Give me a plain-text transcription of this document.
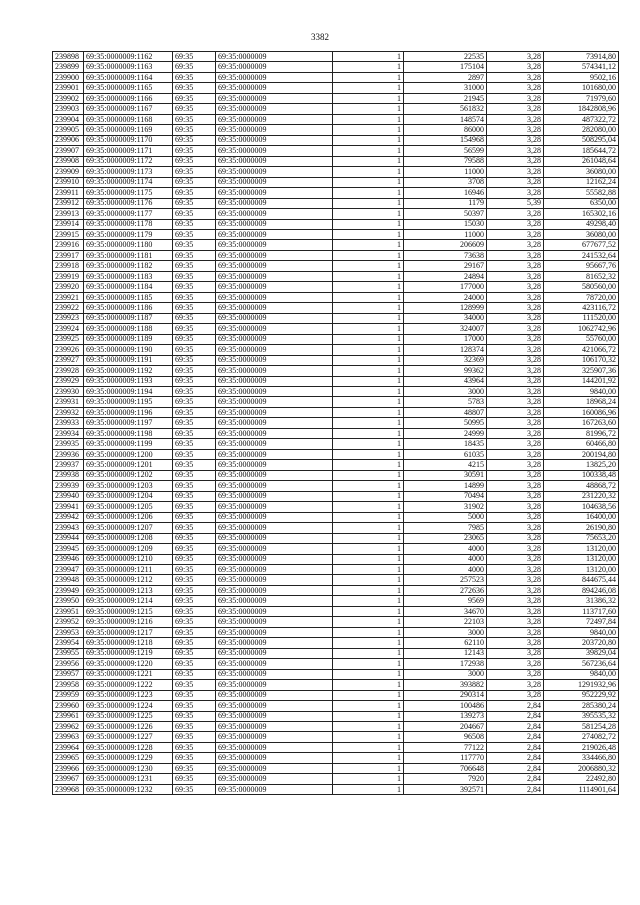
3382
239898	69:35:0000009:1162	69:35	69:35:0000009	1	22535	3,28	73914,80
239899	69:35:0000009:1163	69:35	69:35:0000009	1	175104	3,28	574341,12
239900	69:35:0000009:1164	69:35	69:35:0000009	1	2897	3,28	9502,16
239901	69:35:0000009:1165	69:35	69:35:0000009	1	31000	3,28	101680,00
239902	69:35:0000009:1166	69:35	69:35:0000009	1	21945	3,28	71979,60
239903	69:35:0000009:1167	69:35	69:35:0000009	1	561832	3,28	1842808,96
239904	69:35:0000009:1168	69:35	69:35:0000009	1	148574	3,28	487322,72
239905	69:35:0000009:1169	69:35	69:35:0000009	1	86000	3,28	282080,00
239906	69:35:0000009:1170	69:35	69:35:0000009	1	154968	3,28	508295,04
239907	69:35:0000009:1171	69:35	69:35:0000009	1	56599	3,28	185644,72
239908	69:35:0000009:1172	69:35	69:35:0000009	1	79588	3,28	261048,64
239909	69:35:0000009:1173	69:35	69:35:0000009	1	11000	3,28	36080,00
239910	69:35:0000009:1174	69:35	69:35:0000009	1	3708	3,28	12162,24
239911	69:35:0000009:1175	69:35	69:35:0000009	1	16946	3,28	55582,88
239912	69:35:0000009:1176	69:35	69:35:0000009	1	1179	5,39	6350,00
239913	69:35:0000009:1177	69:35	69:35:0000009	1	50397	3,28	165302,16
239914	69:35:0000009:1178	69:35	69:35:0000009	1	15030	3,28	49298,40
239915	69:35:0000009:1179	69:35	69:35:0000009	1	11000	3,28	36080,00
239916	69:35:0000009:1180	69:35	69:35:0000009	1	206609	3,28	677677,52
239917	69:35:0000009:1181	69:35	69:35:0000009	1	73638	3,28	241532,64
239918	69:35:0000009:1182	69:35	69:35:0000009	1	29167	3,28	95667,76
239919	69:35:0000009:1183	69:35	69:35:0000009	1	24894	3,28	81652,32
239920	69:35:0000009:1184	69:35	69:35:0000009	1	177000	3,28	580560,00
239921	69:35:0000009:1185	69:35	69:35:0000009	1	24000	3,28	78720,00
239922	69:35:0000009:1186	69:35	69:35:0000009	1	128999	3,28	423116,72
239923	69:35:0000009:1187	69:35	69:35:0000009	1	34000	3,28	111520,00
239924	69:35:0000009:1188	69:35	69:35:0000009	1	324007	3,28	1062742,96
239925	69:35:0000009:1189	69:35	69:35:0000009	1	17000	3,28	55760,00
239926	69:35:0000009:1190	69:35	69:35:0000009	1	128374	3,28	421066,72
239927	69:35:0000009:1191	69:35	69:35:0000009	1	32369	3,28	106170,32
239928	69:35:0000009:1192	69:35	69:35:0000009	1	99362	3,28	325907,36
239929	69:35:0000009:1193	69:35	69:35:0000009	1	43964	3,28	144201,92
239930	69:35:0000009:1194	69:35	69:35:0000009	1	3000	3,28	9840,00
239931	69:35:0000009:1195	69:35	69:35:0000009	1	5783	3,28	18968,24
239932	69:35:0000009:1196	69:35	69:35:0000009	1	48807	3,28	160086,96
239933	69:35:0000009:1197	69:35	69:35:0000009	1	50995	3,28	167263,60
239934	69:35:0000009:1198	69:35	69:35:0000009	1	24999	3,28	81996,72
239935	69:35:0000009:1199	69:35	69:35:0000009	1	18435	3,28	60466,80
239936	69:35:0000009:1200	69:35	69:35:0000009	1	61035	3,28	200194,80
239937	69:35:0000009:1201	69:35	69:35:0000009	1	4215	3,28	13825,20
239938	69:35:0000009:1202	69:35	69:35:0000009	1	30591	3,28	100338,48
239939	69:35:0000009:1203	69:35	69:35:0000009	1	14899	3,28	48868,72
239940	69:35:0000009:1204	69:35	69:35:0000009	1	70494	3,28	231220,32
239941	69:35:0000009:1205	69:35	69:35:0000009	1	31902	3,28	104638,56
239942	69:35:0000009:1206	69:35	69:35:0000009	1	5000	3,28	16400,00
239943	69:35:0000009:1207	69:35	69:35:0000009	1	7985	3,28	26190,80
239944	69:35:0000009:1208	69:35	69:35:0000009	1	23065	3,28	75653,20
239945	69:35:0000009:1209	69:35	69:35:0000009	1	4000	3,28	13120,00
239946	69:35:0000009:1210	69:35	69:35:0000009	1	4000	3,28	13120,00
239947	69:35:0000009:1211	69:35	69:35:0000009	1	4000	3,28	13120,00
239948	69:35:0000009:1212	69:35	69:35:0000009	1	257523	3,28	844675,44
239949	69:35:0000009:1213	69:35	69:35:0000009	1	272636	3,28	894246,08
239950	69:35:0000009:1214	69:35	69:35:0000009	1	9569	3,28	31386,32
239951	69:35:0000009:1215	69:35	69:35:0000009	1	34670	3,28	113717,60
239952	69:35:0000009:1216	69:35	69:35:0000009	1	22103	3,28	72497,84
239953	69:35:0000009:1217	69:35	69:35:0000009	1	3000	3,28	9840,00
239954	69:35:0000009:1218	69:35	69:35:0000009	1	62110	3,28	203720,80
239955	69:35:0000009:1219	69:35	69:35:0000009	1	12143	3,28	39829,04
239956	69:35:0000009:1220	69:35	69:35:0000009	1	172938	3,28	567236,64
239957	69:35:0000009:1221	69:35	69:35:0000009	1	3000	3,28	9840,00
239958	69:35:0000009:1222	69:35	69:35:0000009	1	393882	3,28	1291932,96
239959	69:35:0000009:1223	69:35	69:35:0000009	1	290314	3,28	952229,92
239960	69:35:0000009:1224	69:35	69:35:0000009	1	100486	2,84	285380,24
239961	69:35:0000009:1225	69:35	69:35:0000009	1	139273	2,84	395535,32
239962	69:35:0000009:1226	69:35	69:35:0000009	1	204667	2,84	581254,28
239963	69:35:0000009:1227	69:35	69:35:0000009	1	96508	2,84	274082,72
239964	69:35:0000009:1228	69:35	69:35:0000009	1	77122	2,84	219026,48
239965	69:35:0000009:1229	69:35	69:35:0000009	1	117770	2,84	334466,80
239966	69:35:0000009:1230	69:35	69:35:0000009	1	706648	2,84	2006880,32
239967	69:35:0000009:1231	69:35	69:35:0000009	1	7920	2,84	22492,80
239968	69:35:0000009:1232	69:35	69:35:0000009	1	392571	2,84	1114901,64
